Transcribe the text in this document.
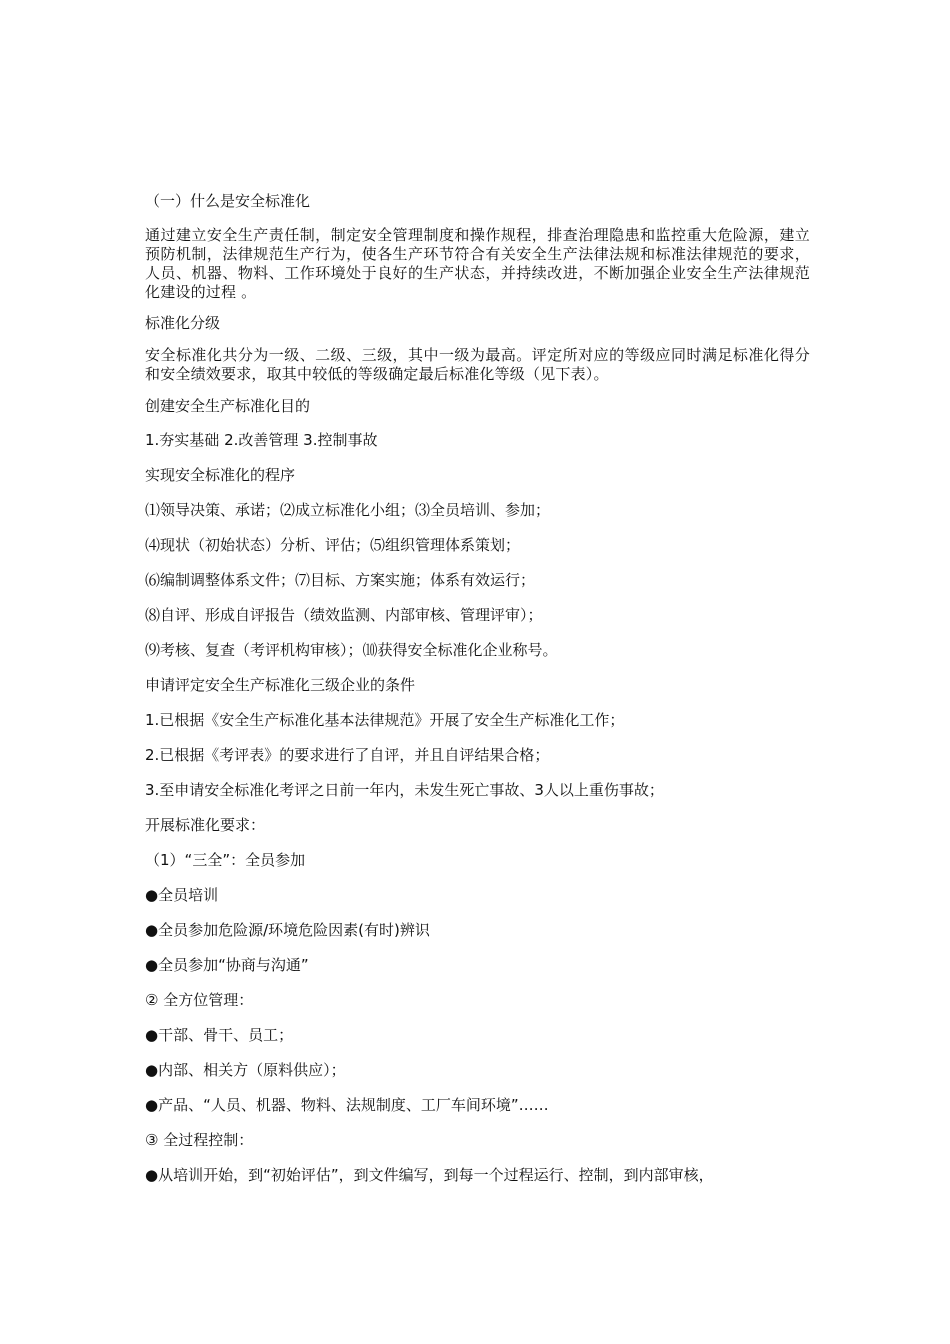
（一）什么是安全标准化
通过建立安全生产责任制，制定安全管理制度和操作规程，排查治理隐患和监控重大危险源，建立预防机制，法律规范生产行为，使各生产环节符合有关安全生产法律法规和标准法律规范的要求，人员、机器、物料、工作环境处于良好的生产状态，并持续改进，不断加强企业安全生产法律规范化建设的过程 。
标准化分级
安全标准化共分为一级、二级、三级，其中一级为最高。评定所对应的等级应同时满足标准化得分和安全绩效要求，取其中较低的等级确定最后标准化等级（见下表）。
创建安全生产标准化目的
1.夯实基础 2.改善管理 3.控制事故
实现安全标准化的程序
⑴领导决策、承诺；⑵成立标准化小组；⑶全员培训、参加；
⑷现状（初始状态）分析、评估；⑸组织管理体系策划；
⑹编制调整体系文件；⑺目标、方案实施；体系有效运行；
⑻自评、形成自评报告（绩效监测、内部审核、管理评审）；
⑼考核、复查（考评机构审核）；⑽获得安全标准化企业称号。
申请评定安全生产标准化三级企业的条件
1.已根据《安全生产标准化基本法律规范》开展了安全生产标准化工作；
2.已根据《考评表》的要求进行了自评，并且自评结果合格；
3.至申请安全标准化考评之日前一年内，未发生死亡事故、3人以上重伤事故；
开展标准化要求：
（1）“三全”：全员参加
●全员培训
●全员参加危险源/环境危险因素(有时)辨识
●全员参加“协商与沟通”
② 全方位管理：
●干部、骨干、员工；
●内部、相关方（原料供应）；
●产品、“人员、机器、物料、法规制度、工厂车间环境”……
③ 全过程控制：
●从培训开始，到“初始评估”，到文件编写，到每一个过程运行、控制，到内部审核，
